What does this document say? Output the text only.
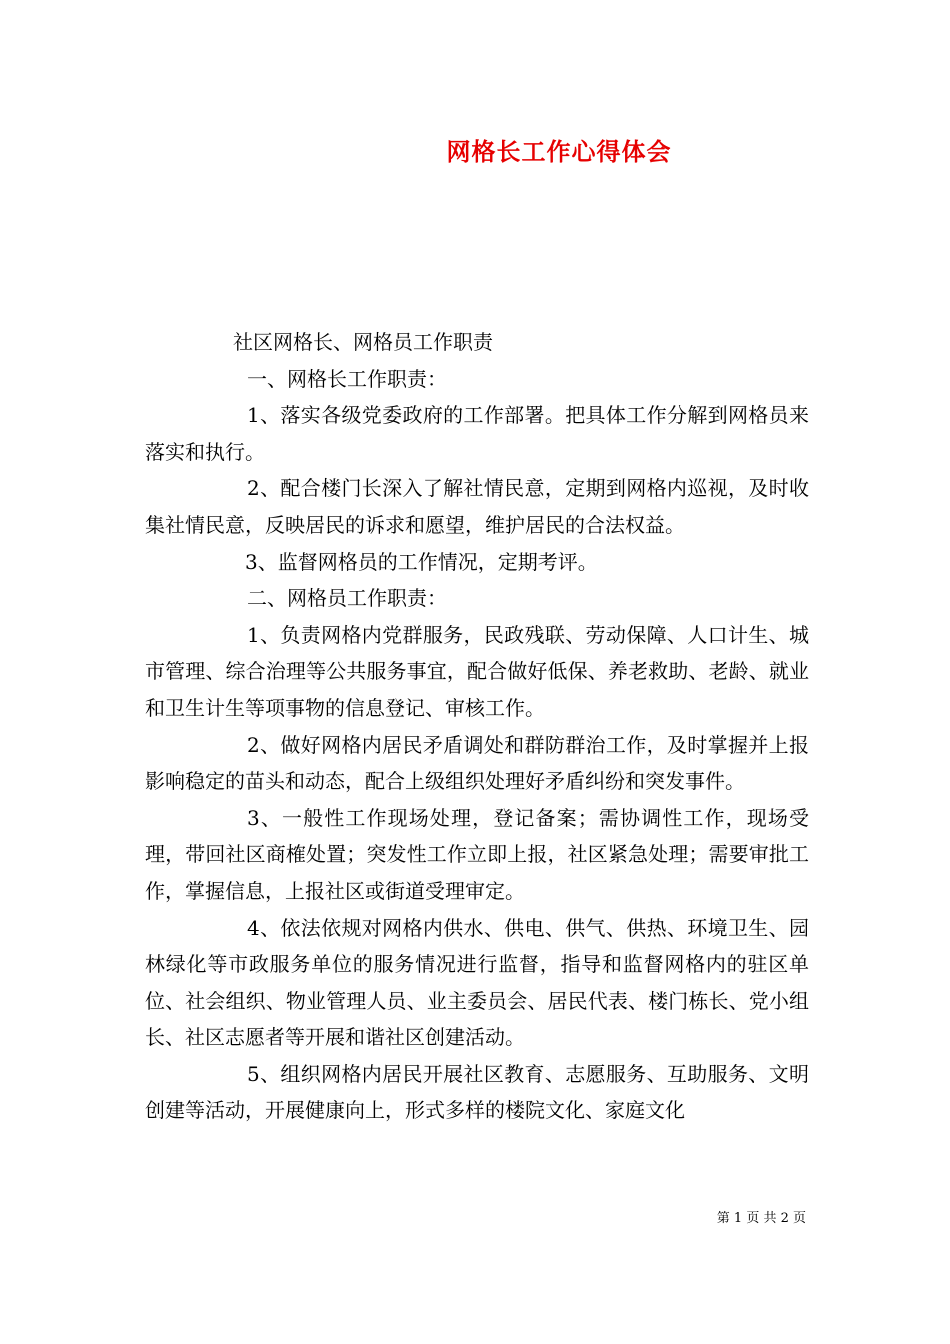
网格长工作心得体会

社区网格长、网格员工作职责

一、网格长工作职责：

1、落实各级党委政府的工作部署。把具体工作分解到网格员来落实和执行。

2、配合楼门长深入了解社情民意，定期到网格内巡视，及时收集社情民意，反映居民的诉求和愿望，维护居民的合法权益。

3、监督网格员的工作情况，定期考评。

二、网格员工作职责：

1、负责网格内党群服务，民政残联、劳动保障、人口计生、城市管理、综合治理等公共服务事宜，配合做好低保、养老救助、老龄、就业和卫生计生等项事物的信息登记、审核工作。

2、做好网格内居民矛盾调处和群防群治工作，及时掌握并上报影响稳定的苗头和动态，配合上级组织处理好矛盾纠纷和突发事件。

3、一般性工作现场处理，登记备案；需协调性工作，现场受理，带回社区商榷处置；突发性工作立即上报，社区紧急处理；需要审批工作，掌握信息，上报社区或街道受理审定。

4、依法依规对网格内供水、供电、供气、供热、环境卫生、园林绿化等市政服务单位的服务情况进行监督，指导和监督网格内的驻区单位、社会组织、物业管理人员、业主委员会、居民代表、楼门栋长、党小组长、社区志愿者等开展和谐社区创建活动。

5、组织网格内居民开展社区教育、志愿服务、互助服务、文明创建等活动，开展健康向上，形式多样的楼院文化、家庭文化

第 1 页 共 2 页
